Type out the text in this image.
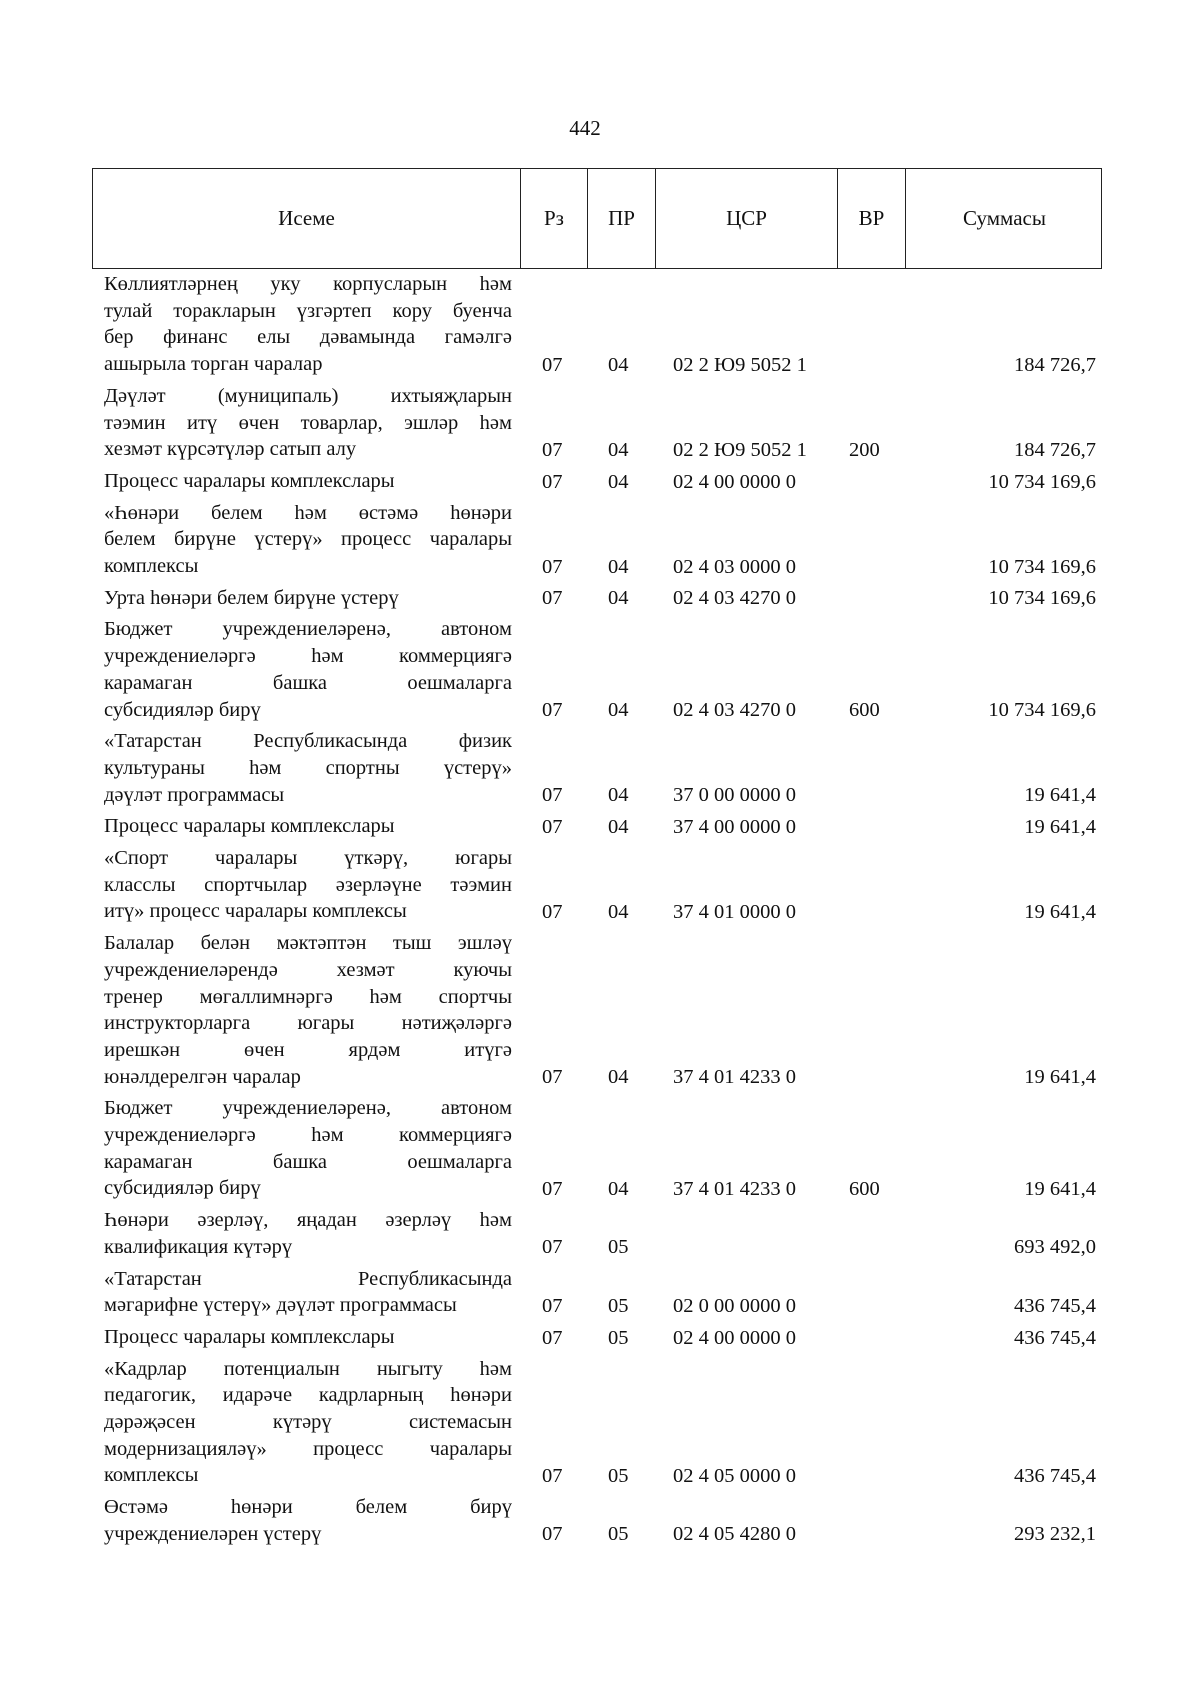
442
Исеме	Рз	ПР	ЦСР	ВР	Суммасы
Көллиятләрнең уку корпусларын һәм
тулай торакларын үзгәртеп кору буенча
бер финанс елы дәвамында гамәлгә
ашырыла торган чаралар	07 04 02 2 Ю9 5052 1	184 726,7
Дәүләт (муниципаль) ихтыяҗларын
тәэмин итү өчен товарлар, эшләр һәм
хезмәт күрсәтүләр сатып алу	07 04 02 2 Ю9 5052 1 200	184 726,7
Процесс чаралары комплекслары	07 04 02 4 00 0000 0	10 734 169,6
«Һөнәри белем һәм өстәмә һөнәри
белем бирүне үстерү» процесс чаралары
комплексы	07 04 02 4 03 0000 0	10 734 169,6
Урта һөнәри белем бирүне үстерү	07 04 02 4 03 4270 0	10 734 169,6
Бюджет учреждениеләренә, автоном
учреждениеләргә һәм коммерциягә
карамаган башка оешмаларга
субсидияләр бирү	07 04 02 4 03 4270 0	600	10 734 169,6
«Татарстан Республикасында физик
культураны һәм спортны үстерү»
дәүләт программасы	07 04 37 0 00 0000 0	19 641,4
Процесс чаралары комплекслары	07 04 37 4 00 0000 0	19 641,4
«Спорт чаралары үткәрү, югары
класслы спортчылар әзерләүне тәэмин
итү» процесс чаралары комплексы	07 04 37 4 01 0000 0	19 641,4
Балалар белән мәктәптән тыш эшләү
учреждениеләрендә хезмәт куючы
тренер мөгаллимнәргә һәм спортчы
инструкторларга югары нәтиҗәләргә
ирешкән өчен ярдәм итүгә
юнәлдерелгән чаралар	07 04 37 4 01 4233 0	19 641,4
Бюджет учреждениеләренә, автоном
учреждениеләргә һәм коммерциягә
карамаган башка оешмаларга
субсидияләр бирү	07 04 37 4 01 4233 0	600	19 641,4
Һөнәри әзерләү, яңадан әзерләү һәм
квалификация күтәрү	07 05	693 492,0
«Татарстан Республикасында
мәгарифне үстерү» дәүләт программасы	07 05 02 0 00 0000 0	436 745,4
Процесс чаралары комплекслары	07 05 02 4 00 0000 0	436 745,4
«Кадрлар потенциалын ныгыту һәм
педагогик, идарәче кадрларның һөнәри
дәрәҗәсен күтәрү системасын
модернизацияләү» процесс чаралары
комплексы	07 05 02 4 05 0000 0	436 745,4
Өстәмә һөнәри белем бирү
учреждениеләрен үстерү	07 05 02 4 05 4280 0	293 232,1
